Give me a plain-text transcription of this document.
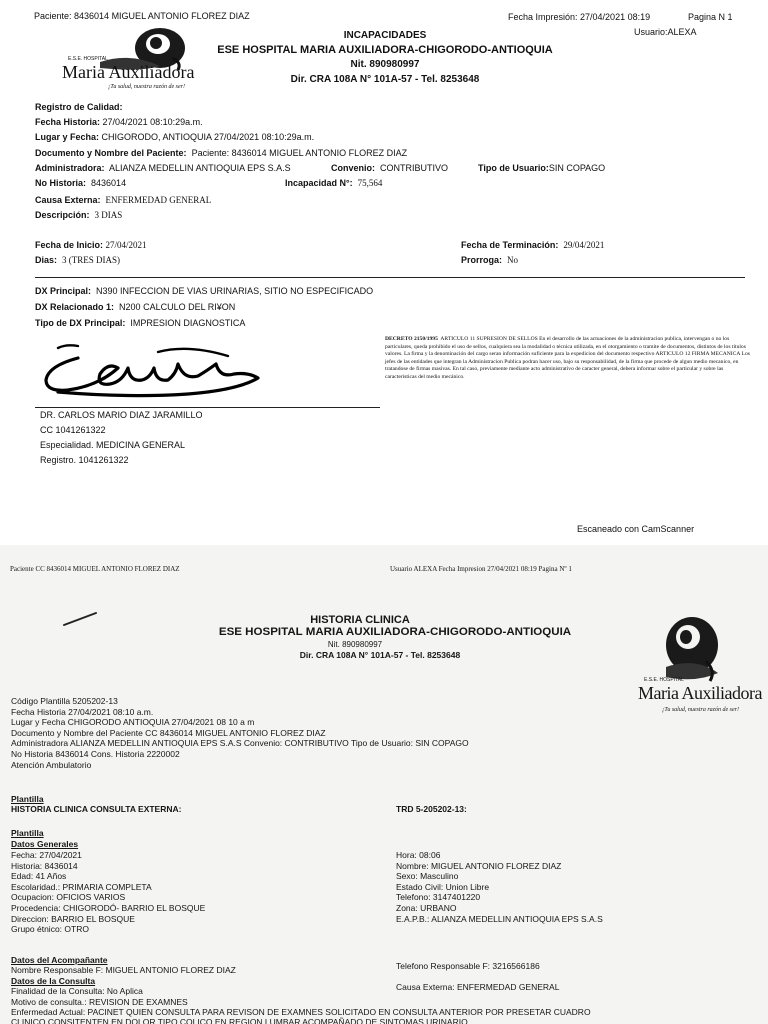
Paciente: 8436014 MIGUEL ANTONIO FLOREZ DIAZ	Fecha Impresión: 27/04/2021 08:19	Pagina N 1
Usuario:ALEXA
E.S.E. HOSPITAL
Maria Auxiliadora
¡Tu salud, nuestra razón de ser!
INCAPACIDADES
ESE HOSPITAL MARIA AUXILIADORA-CHIGORODO-ANTIOQUIA
Nit. 890980997
Dir. CRA 108A N° 101A-57 - Tel. 8253648
Registro de Calidad:
Fecha Historia: 27/04/2021 08:10:29a.m.
Lugar y Fecha: CHIGORODO, ANTIOQUIA 27/04/2021 08:10:29a.m.
Documento y Nombre del Paciente: Paciente: 8436014 MIGUEL ANTONIO FLOREZ DIAZ
Administradora: ALIANZA MEDELLIN ANTIOQUIA EPS S.A.S	Convenio: CONTRIBUTIVO	Tipo de Usuario:SIN COPAGO
No Historia: 8436014	Incapacidad N°: 75,564
Causa Externa: ENFERMEDAD GENERAL
Descripción: 3 DIAS
Fecha de Inicio: 27/04/2021	Fecha de Terminación: 29/04/2021
Dias: 3 (TRES DIAS)	Prorroga: No
DX Principal: N390 INFECCION DE VIAS URINARIAS, SITIO NO ESPECIFICADO
DX Relacionado 1: N200 CALCULO DEL RI¥ON
Tipo de DX Principal: IMPRESION DIAGNOSTICA
DECRETO 2150/1995 ARTICULO 11 SUPRESION DE SELLOS En el desarrollo de las actuaciones de la administracion publica, intervengan o no los particulares, queda prohibido el uso de sellos, cualquiera sea la modalidad o técnica utilizada, en el otorgamiento o tramite de documentos, distintos de los títulos valores. La firma y la denominación del cargo seran información suficiente para la expedicion del documento respectivo ARTICULO 12 FIRMA MECANICA Los jefes de las entidades que integran la Administracion Publica podran hacer uso, bajo su responsabilidad, de la firma que procede de algun medio mecanico, en tratandose de firmas masivas. En tal caso, previamente mediante acto administrativo de caracter general, debera informar sobre el particular y sobre las caracteristicas del medio mecánico.
DR. CARLOS MARIO DIAZ JARAMILLO
CC 1041261322
Especialidad. MEDICINA GENERAL
Registro. 1041261322
Escaneado con CamScanner
Paciente CC 8436014 MIGUEL ANTONIO FLOREZ DIAZ	Usuario ALEXA Fecha Impresion 27/04/2021 08:19 Pagina Nº 1
HISTORIA CLINICA
ESE HOSPITAL MARIA AUXILIADORA-CHIGORODO-ANTIOQUIA
Nit. 890980997
Dir. CRA 108A N° 101A-57 - Tel. 8253648
E.S.E. HOSPITAL
Maria Auxiliadora
¡Tu salud, nuestra razón de ser!
Código Plantilla 5205202-13
Fecha Historia 27/04/2021 08:10 a.m.
Lugar y Fecha CHIGORODO ANTIOQUIA 27/04/2021 08 10 a m
Documento y Nombre del Paciente CC 8436014 MIGUEL ANTONIO FLOREZ DIAZ
Administradora ALIANZA MEDELLIN ANTIOQUIA EPS S.A.S Convenio: CONTRIBUTIVO Tipo de Usuario: SIN COPAGO
No Historia 8436014 Cons. Historia 2220002
Atención Ambulatorio
Plantilla
HISTORIA CLINICA CONSULTA EXTERNA:	TRD 5-205202-13:
Plantilla
Datos Generales
Fecha: 27/04/2021
Historia: 8436014
Edad: 41 Años
Escolaridad.: PRIMARIA COMPLETA
Ocupacion: OFICIOS VARIOS
Procedencia: CHIGORODÓ- BARRIO EL BOSQUE
Direccion: BARRIO EL BOSQUE
Grupo étnico: OTRO
Hora: 08:06
Nombre: MIGUEL ANTONIO FLOREZ DIAZ
Sexo: Masculino
Estado Civil: Union Libre
Telefono: 3147401220
Zona: URBANO
E.A.P.B.: ALIANZA MEDELLIN ANTIOQUIA EPS S.A.S
Datos del Acompañante
Nombre Responsable F: MIGUEL ANTONIO FLOREZ DIAZ	Telefono Responsable F: 3216566186
Datos de la Consulta
Finalidad de la Consulta: No Aplica	Causa Externa: ENFERMEDAD GENERAL
Motivo de consulta.: REVISION DE EXAMNES
Enfermedad Actual: PACINET QUIEN CONSULTA PARA REVISON DE EXAMNES SOLICITADO EN CONSULTA ANTERIOR POR PRESETAR CUADRO
CLINICO CONSITENTEN EN DOLOR TIPO COLICO EN REGION LUMBAR ACOMPAÑADO DE SINTOMAS URINARIO .
